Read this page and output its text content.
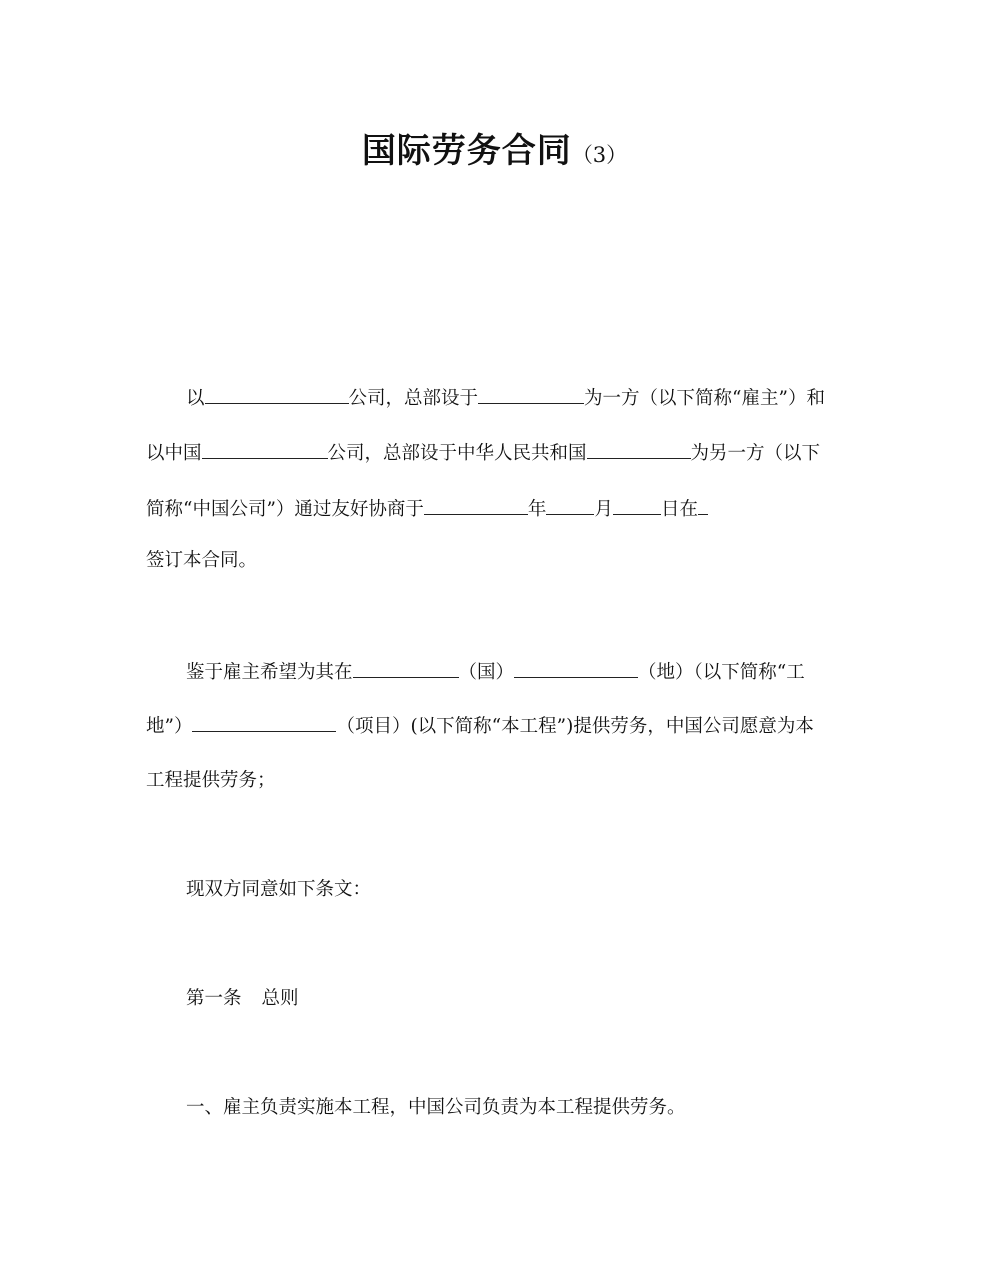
国际劳务合同（3）
以	公司，总部设于	为一方（以下简称“雇主”）和
以中国	公司，总部设于中华人民共和国	为另一方（以下
简称“中国公司”）通过友好协商于	年	月	日在
签订本合同。
鉴于雇主希望为其在	（国）	（地）（以下简称“工
地”）	（项目）(以下简称“本工程”)提供劳务，中国公司愿意为本
工程提供劳务；
现双方同意如下条文：
第一条 总则
一、雇主负责实施本工程，中国公司负责为本工程提供劳务。
